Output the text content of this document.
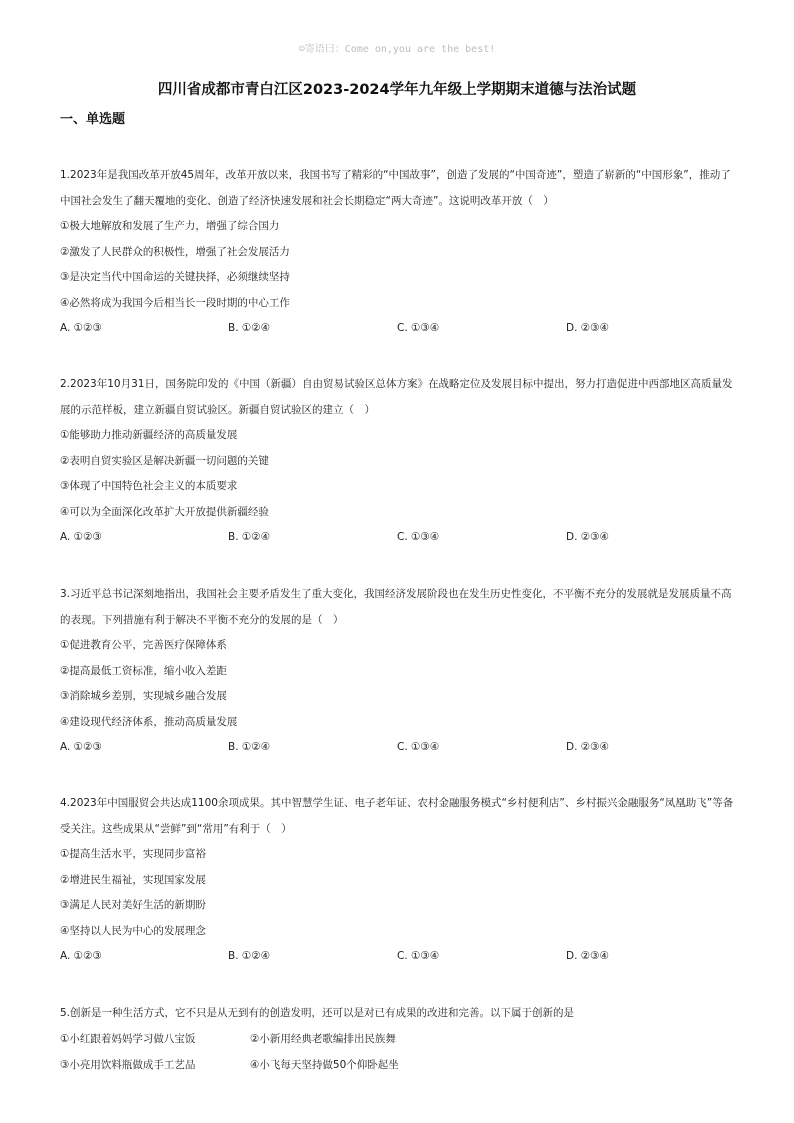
☺寄语曰：Come on,you are the best!
四川省成都市青白江区2023-2024学年九年级上学期期末道德与法治试题
一、单选题

1.2023年是我国改革开放45周年，改革开放以来，我国书写了精彩的“中国故事”，创造了发展的“中国奇迹”，塑造了崭新的“中国形象”，推动了中国社会发生了翻天覆地的变化、创造了经济快速发展和社会长期稳定“两大奇迹”。这说明改革开放（　）

①极大地解放和发展了生产力，增强了综合国力

②激发了人民群众的积极性，增强了社会发展活力

③是决定当代中国命运的关键抉择，必须继续坚持

④必然将成为我国今后相当长一段时期的中心工作

A. ①②③	B. ①②④	C. ①③④	D. ②③④

2.2023年10月31日，国务院印发的《中国（新疆）自由贸易试验区总体方案》在战略定位及发展目标中提出，努力打造促进中西部地区高质量发展的示范样板，建立新疆自贸试验区。新疆自贸试验区的建立（　）

①能够助力推动新疆经济的高质量发展

②表明自贸实验区是解决新疆一切问题的关键

③体现了中国特色社会主义的本质要求

④可以为全面深化改革扩大开放提供新疆经验

A. ①②③	B. ①②④	C. ①③④	D. ②③④

3.习近平总书记深刻地指出，我国社会主要矛盾发生了重大变化，我国经济发展阶段也在发生历史性变化，不平衡不充分的发展就是发展质量不高的表现。下列措施有利于解决不平衡不充分的发展的是（　）

①促进教育公平，完善医疗保障体系

②提高最低工资标准，缩小收入差距

③消除城乡差别，实现城乡融合发展

④建设现代经济体系，推动高质量发展

A. ①②③	B. ①②④	C. ①③④	D. ②③④

4.2023年中国服贸会共达成1100余项成果。其中智慧学生证、电子老年证、农村金融服务模式“乡村便利店”、乡村振兴金融服务“凤凰助飞”等备受关注。这些成果从“尝鲜”到“常用”有利于（　）

①提高生活水平，实现同步富裕

②增进民生福祉，实现国家发展

③满足人民对美好生活的新期盼

④坚持以人民为中心的发展理念

A. ①②③	B. ①②④	C. ①③④	D. ②③④

5.创新是一种生活方式，它不只是从无到有的创造发明，还可以是对已有成果的改进和完善。以下属于创新的是

①小红跟着妈妈学习做八宝饭	②小新用经典老歌编排出民族舞
③小亮用饮料瓶做成手工艺品	④小飞每天坚持做50个仰卧起坐
